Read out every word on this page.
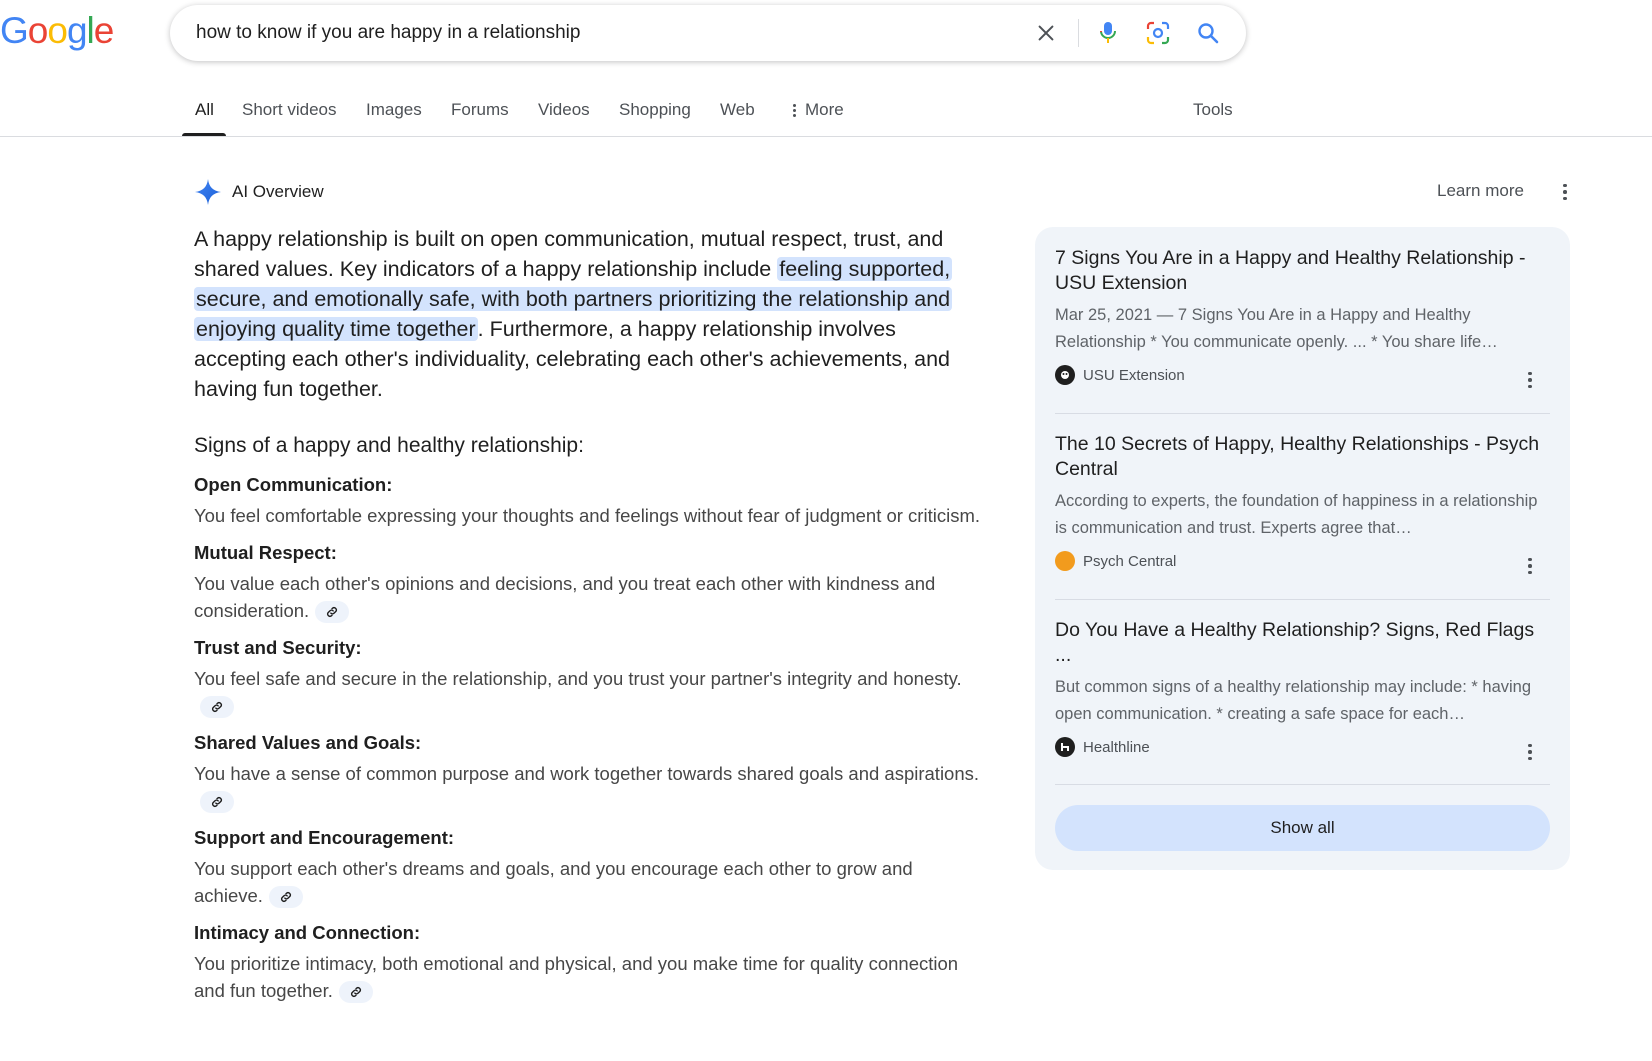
Google	how to know if you are happy in a relationship
All Short videos Images Forums Videos Shopping Web	More	Tools
AI Overview	Learn more

A happy relationship is built on open communication, mutual respect, trust, and shared values. Key indicators of a happy relationship include feeling supported, secure, and emotionally safe, with both partners prioritizing the relationship and enjoying quality time together. Furthermore, a happy relationship involves accepting each other's individuality, celebrating each other's achievements, and having fun together.

Signs of a happy and healthy relationship:
Open Communication:
You feel comfortable expressing your thoughts and feelings without fear of judgment or criticism.
Mutual Respect:
You value each other's opinions and decisions, and you treat each other with kindness and consideration.
Trust and Security:
You feel safe and secure in the relationship, and you trust your partner's integrity and honesty.
Shared Values and Goals:
You have a sense of common purpose and work together towards shared goals and aspirations.
Support and Encouragement:
You support each other's dreams and goals, and you encourage each other to grow and achieve.
Intimacy and Connection:
You prioritize intimacy, both emotional and physical, and you make time for quality connection and fun together.
7 Signs You Are in a Happy and Healthy Relationship - USU Extension
Mar 25, 2021 — 7 Signs You Are in a Happy and Healthy Relationship * You communicate openly. ... * You share life…
USU Extension
The 10 Secrets of Happy, Healthy Relationships - Psych Central
According to experts, the foundation of happiness in a relationship is communication and trust. Experts agree that…
Psych Central
Do You Have a Healthy Relationship? Signs, Red Flags ...
But common signs of a healthy relationship may include: * having open communication. * creating a safe space for each…
Healthline
Show all
